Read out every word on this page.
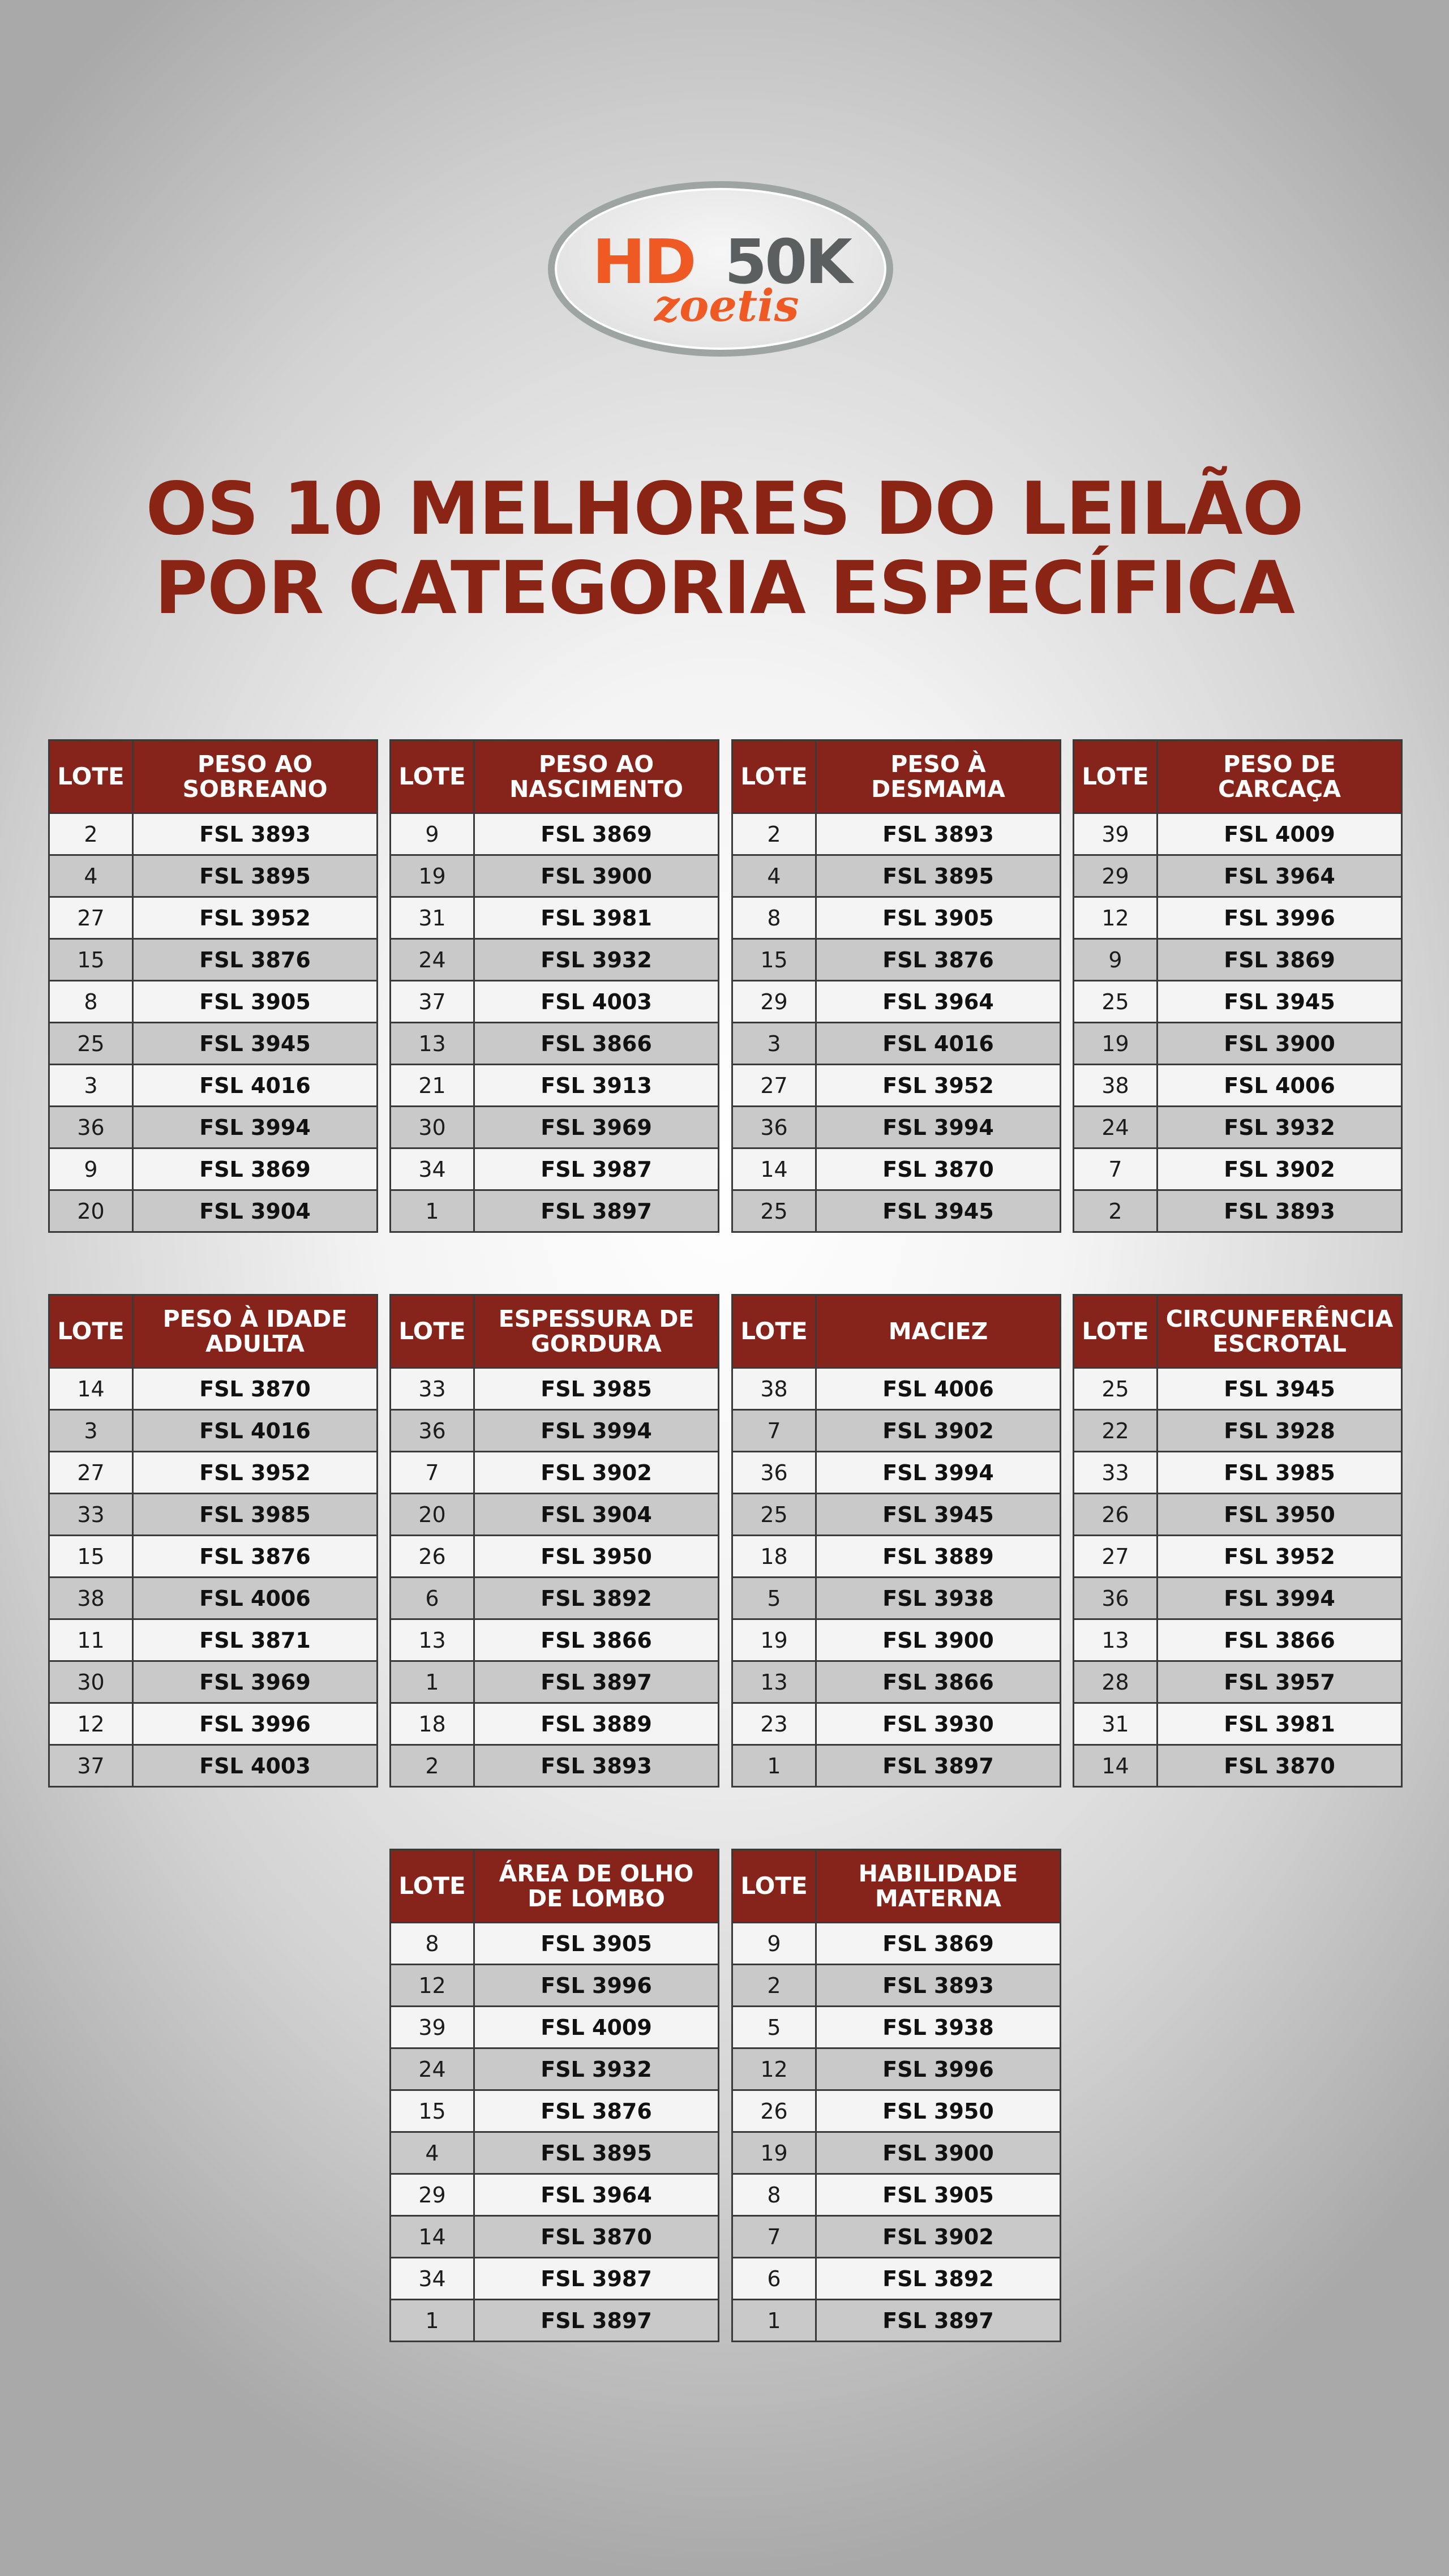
HD 50K
zoetis
OS 10 MELHORES DO LEILÃO
POR CATEGORIA ESPECÍFICA
LOTE	PESO AO
SOBREANO
2	FSL 3893
4	FSL 3895
27	FSL 3952
15	FSL 3876
8	FSL 3905
25	FSL 3945
3	FSL 4016
36	FSL 3994
9	FSL 3869
20	FSL 3904
LOTE	PESO AO
NASCIMENTO
9	FSL 3869
19	FSL 3900
31	FSL 3981
24	FSL 3932
37	FSL 4003
13	FSL 3866
21	FSL 3913
30	FSL 3969
34	FSL 3987
1	FSL 3897
LOTE	PESO À
DESMAMA
2	FSL 3893
4	FSL 3895
8	FSL 3905
15	FSL 3876
29	FSL 3964
3	FSL 4016
27	FSL 3952
36	FSL 3994
14	FSL 3870
25	FSL 3945
LOTE	PESO DE
CARCAÇA
39	FSL 4009
29	FSL 3964
12	FSL 3996
9	FSL 3869
25	FSL 3945
19	FSL 3900
38	FSL 4006
24	FSL 3932
7	FSL 3902
2	FSL 3893
LOTE	PESO À IDADE
ADULTA
14	FSL 3870
3	FSL 4016
27	FSL 3952
33	FSL 3985
15	FSL 3876
38	FSL 4006
11	FSL 3871
30	FSL 3969
12	FSL 3996
37	FSL 4003
LOTE	ESPESSURA DE
GORDURA
33	FSL 3985
36	FSL 3994
7	FSL 3902
20	FSL 3904
26	FSL 3950
6	FSL 3892
13	FSL 3866
1	FSL 3897
18	FSL 3889
2	FSL 3893
LOTE	MACIEZ
38	FSL 4006
7	FSL 3902
36	FSL 3994
25	FSL 3945
18	FSL 3889
5	FSL 3938
19	FSL 3900
13	FSL 3866
23	FSL 3930
1	FSL 3897
LOTE	CIRCUNFERÊNCIA
ESCROTAL
25	FSL 3945
22	FSL 3928
33	FSL 3985
26	FSL 3950
27	FSL 3952
36	FSL 3994
13	FSL 3866
28	FSL 3957
31	FSL 3981
14	FSL 3870
LOTE	ÁREA DE OLHO
DE LOMBO
8	FSL 3905
12	FSL 3996
39	FSL 4009
24	FSL 3932
15	FSL 3876
4	FSL 3895
29	FSL 3964
14	FSL 3870
34	FSL 3987
1	FSL 3897
LOTE	HABILIDADE
MATERNA
9	FSL 3869
2	FSL 3893
5	FSL 3938
12	FSL 3996
26	FSL 3950
19	FSL 3900
8	FSL 3905
7	FSL 3902
6	FSL 3892
1	FSL 3897
